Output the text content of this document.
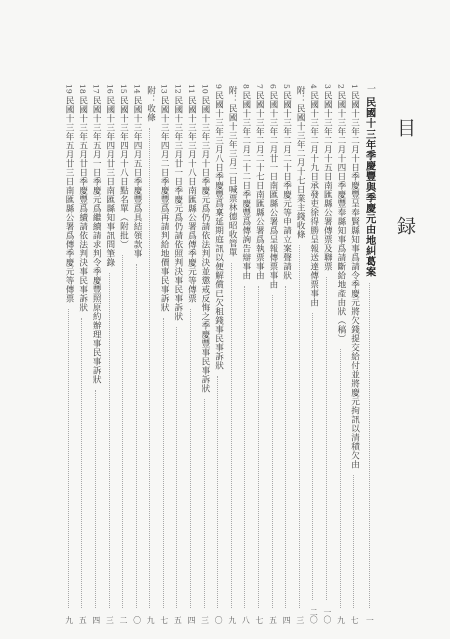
目　録
一
民國十三年季慶豐與季慶元由地糾葛案
一
1
民國十三年二月十日季慶豐呈奉賢縣知事爲請令季慶元將欠錢提交給付並將慶元拘訊以清積欠由
七
2
民國十三年二月十四日季慶豐奉縣知事爲請斷給地產由狀（稿）
九
3
民國十三年二月十五日南匯縣公署傳票及聯票
一〇
4
民國十三年二月十九日承發吏徐得勝呈報送達傳票事由
二〇
附：民國十三年二月十七日業主錢收條
三
5
民國十三年二月二十日季慶元等申請立案聲請狀
四
6
民國十三年二月廿一日南匯縣公署爲呈報傳票事由
五
7
民國十三年二月二十七日南匯縣公署爲執票事由
七
8
民國十三年二月二十二日季慶豐爲傳詢告辯事由
八
附：民國十三年三月二日喊票林德昭收管單
九
9
民國十三年三月八日季慶豐爲稟延期庭訊以便解償已欠租錢事民事訴狀
〇
10
民國十三年三月十日季慶元爲仍請依法判決並懲戒反悔之季慶豐事民事訴狀
三
11
民國十三年三月十八日南匯縣公署爲傳季慶元等傳票
四
12
民國十三年三月廿一日季慶元爲仍請依照判決事民事訴狀
五
13
民國十三年四月二日季慶豐爲再請判給地價事民事訴狀
七
附：收條
九
14
民國十三年四月五日季慶豐爲具結領款事
〇
15
民國十三年四月十八日點名單（附批）
二
16
民國十三年四月廿三日南匯縣知事訊問筆錄
三
17
民國十三年五月一日季慶元爲繼續請求判令季慶豐照原約辦理事民事訴狀
四
18
民國十三年五月廿日季慶豐爲續請依法判決事民事訴狀
五
19
民國十三年五月廿三日南匯縣公署爲傳季慶元等傳票
九
